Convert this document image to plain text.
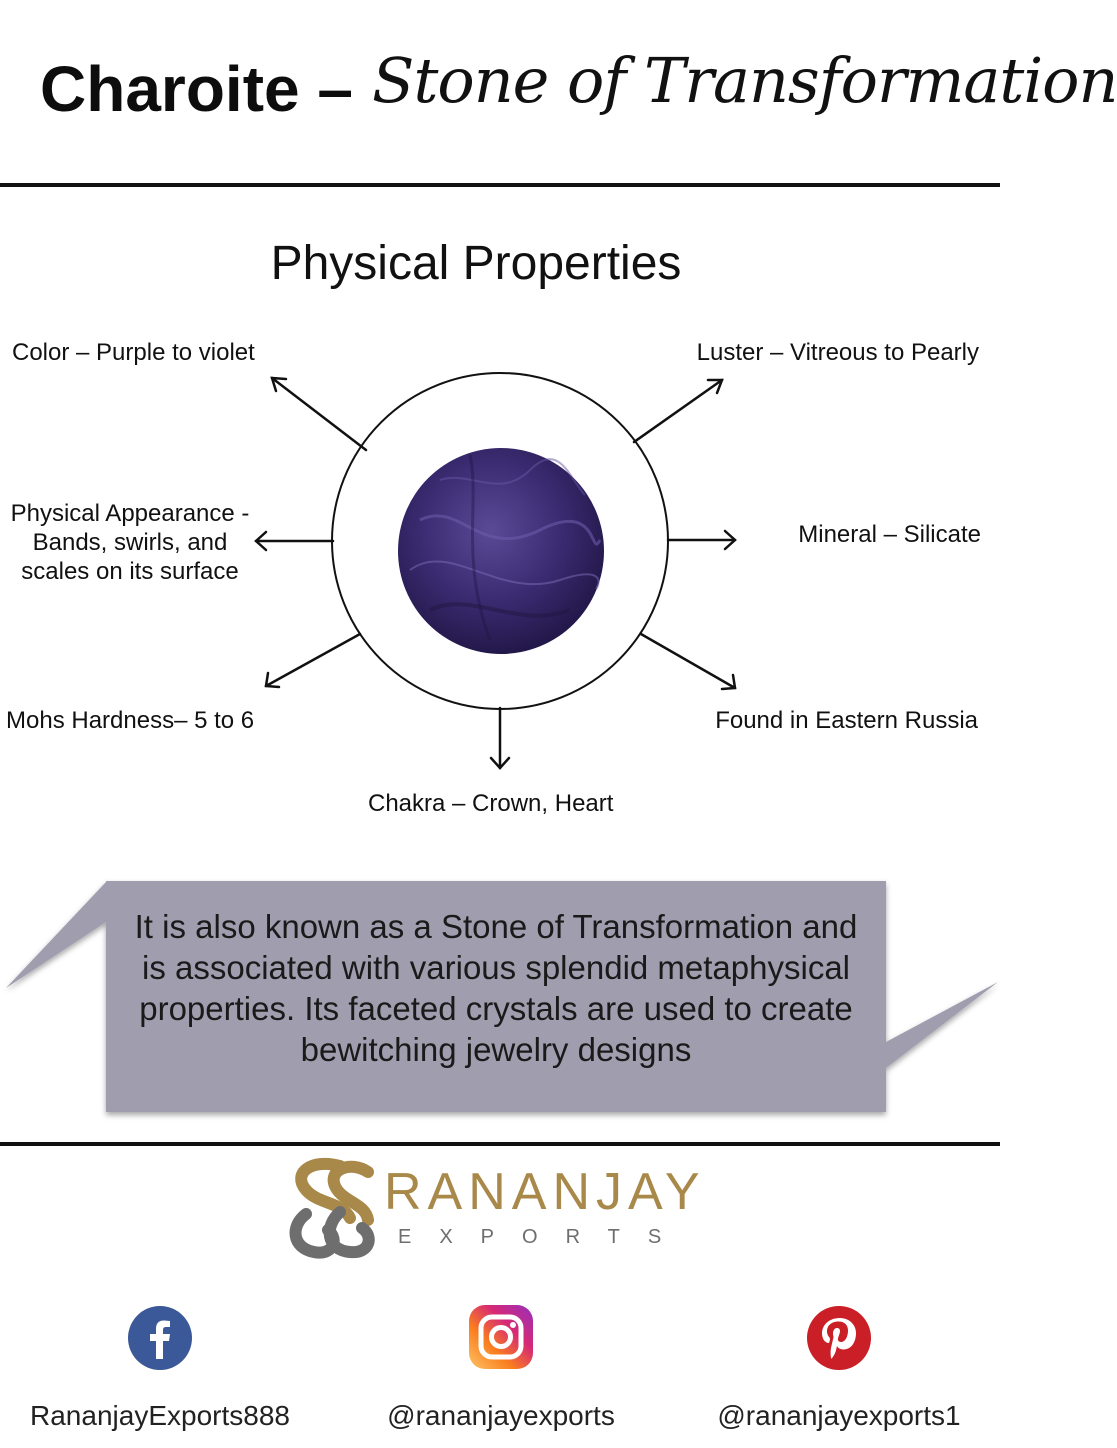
Charoite – Stone of Transformation
Physical Properties
Color – Purple to violet	Luster – Vitreous to Pearly
Physical Appearance -
Bands, swirls, and
scales on its surface
Mineral – Silicate
Mohs Hardness– 5 to 6	Found in Eastern Russia
Chakra – Crown, Heart
It is also known as a Stone of Transformation and
is associated with various splendid metaphysical
properties. Its faceted crystals are used to create
bewitching jewelry designs
RANANJAY
EXPORTS
RananjayExports888	@rananjayexports	@rananjayexports1
